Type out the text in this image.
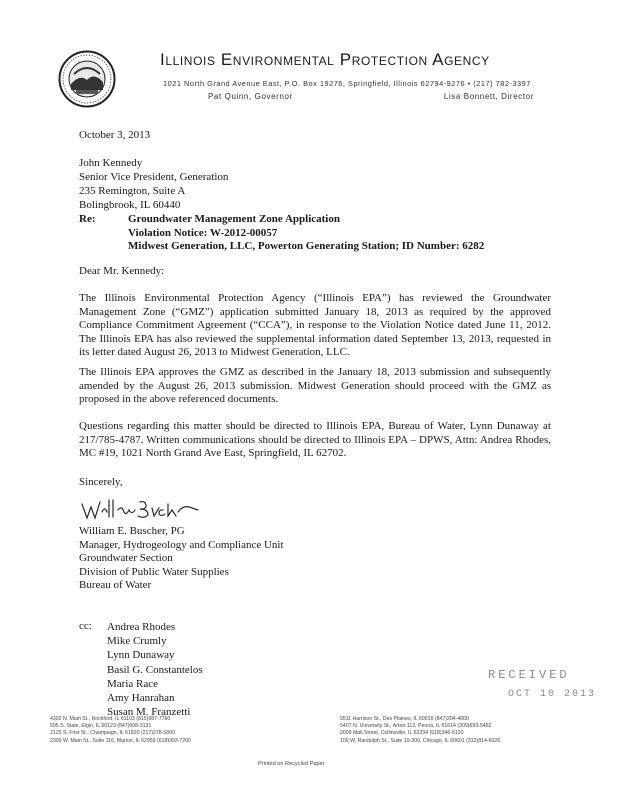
Illinois Environmental Protection Agency
1021 North Grand Avenue East, P.O. Box 19276, Springfield, Illinois 62794-9276 • (217) 782-3397
Pat Quinn, Governor	Lisa Bonnett, Director
October 3, 2013
John Kennedy
Senior Vice President, Generation
235 Remington, Suite A
Bolingbrook, IL 60440
Re:	Groundwater Management Zone Application
Violation Notice: W-2012-00057
Midwest Generation, LLC, Powerton Generating Station; ID Number: 6282
Dear Mr. Kennedy:
The Illinois Environmental Protection Agency (“Illinois EPA”) has reviewed the Groundwater Management Zone (“GMZ”) application submitted January 18, 2013 as required by the approved Compliance Commitment Agreement (“CCA”), in response to the Violation Notice dated June 11, 2012. The Illinois EPA has also reviewed the supplemental information dated September 13, 2013, requested in its letter dated August 26, 2013 to Midwest Generation, LLC.
The Illinois EPA approves the GMZ as described in the January 18, 2013 submission and subsequently amended by the August 26, 2013 submission. Midwest Generation should proceed with the GMZ as proposed in the above referenced documents.
Questions regarding this matter should be directed to Illinois EPA, Bureau of Water, Lynn Dunaway at 217/785-4787. Written communications should be directed to Illinois EPA – DPWS, Attn: Andrea Rhodes, MC #19, 1021 North Grand Ave East, Springfield, IL 62702.
Sincerely,
William E. Buscher, PG
Manager, Hydrogeology and Compliance Unit
Groundwater Section
Division of Public Water Supplies
Bureau of Water
cc: Andrea Rhodes
Mike Crumly
Lynn Dunaway
Basil G. Constantelos
Maria Race
Amy Hanrahan
Susan M. Franzetti
RECEIVED
OCT 10 2013
4302 N. Main St., Rockford, IL 61103 (815)987-7760
595 S. State, Elgin, IL 60123 (847)608-3131
2125 S. First St., Champaign, IL 61820 (217)278-5800
2309 W. Main St., Suite 116, Marion, IL 62959 (618)993-7200
9511 Harrison St., Des Plaines, IL 60016 (847)294-4000
5407 N. University St., Arbor 113, Peoria, IL 61614 (309)693-5462
2009 Mall Street, Collinsville, IL 62234 (618)346-5120
100 W. Randolph St., Suite 10-300, Chicago, IL 60601 (312)814-6026
Printed on Recycled Paper
